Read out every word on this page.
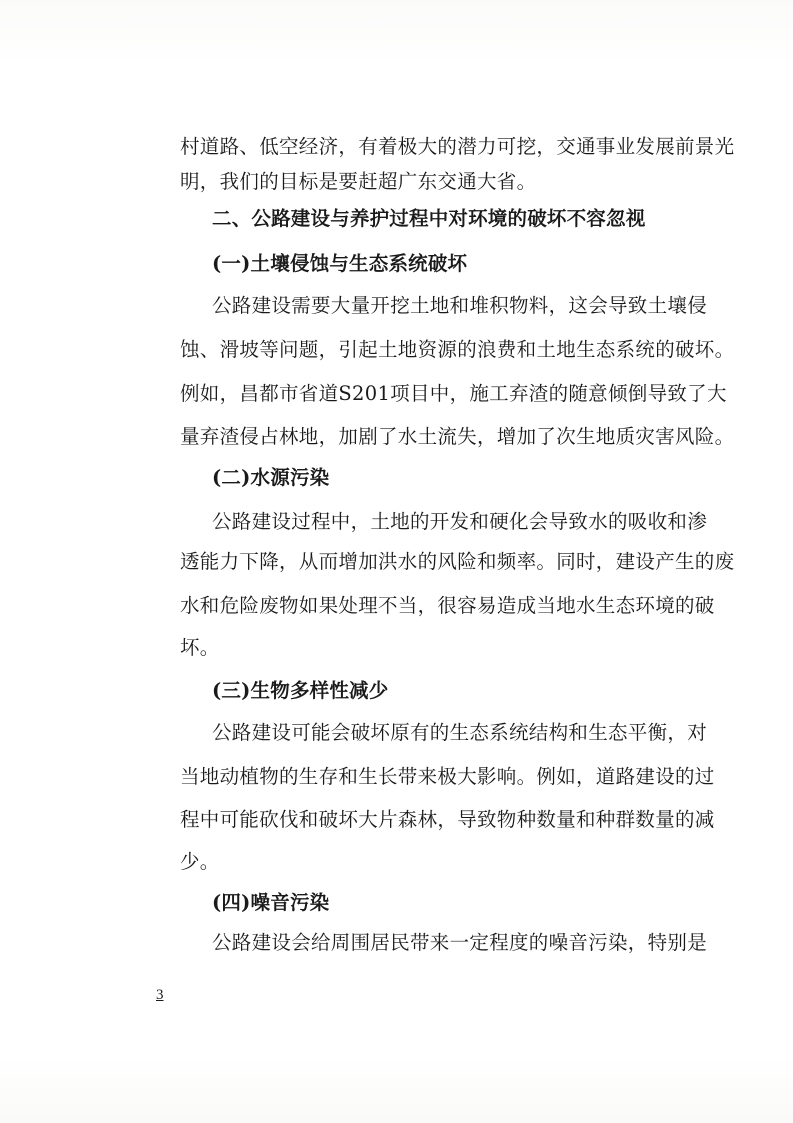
村道路、低空经济，有着极大的潜力可挖，交通事业发展前景光
明，我们的目标是要赶超广东交通大省。
二、公路建设与养护过程中对环境的破坏不容忽视
(一)土壤侵蚀与生态系统破坏
公路建设需要大量开挖土地和堆积物料，这会导致土壤侵
蚀、滑坡等问题，引起土地资源的浪费和土地生态系统的破坏。
例如，昌都市省道S201项目中，施工弃渣的随意倾倒导致了大
量弃渣侵占林地，加剧了水土流失，增加了次生地质灾害风险。
(二)水源污染
公路建设过程中，土地的开发和硬化会导致水的吸收和渗
透能力下降，从而增加洪水的风险和频率。同时，建设产生的废
水和危险废物如果处理不当，很容易造成当地水生态环境的破
坏。
(三)生物多样性减少
公路建设可能会破坏原有的生态系统结构和生态平衡，对
当地动植物的生存和生长带来极大影响。例如，道路建设的过
程中可能砍伐和破坏大片森林，导致物种数量和种群数量的减
少。
(四)噪音污染
公路建设会给周围居民带来一定程度的噪音污染，特别是
3
